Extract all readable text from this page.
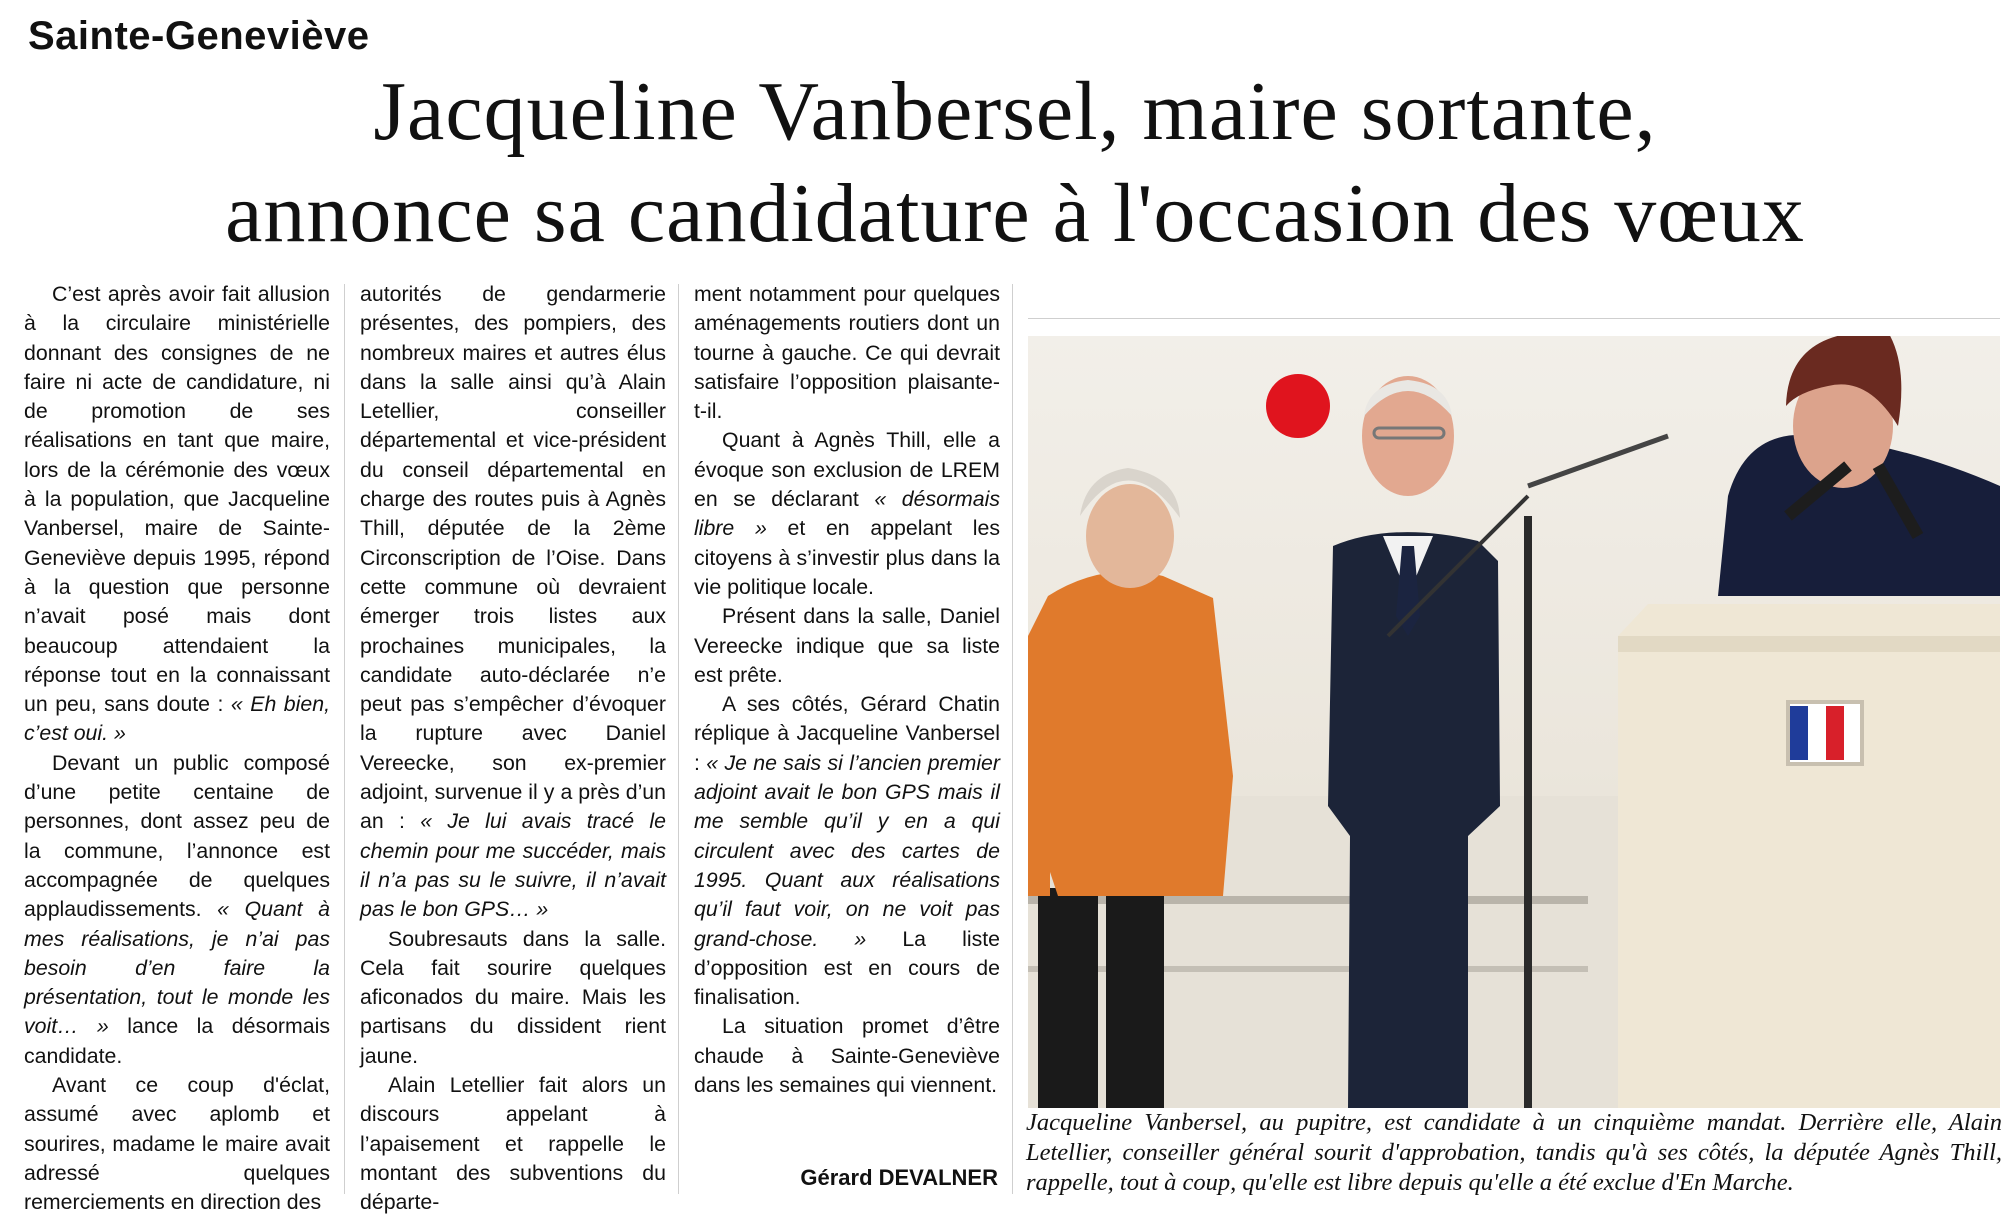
Sainte-Geneviève
Jacqueline Vanbersel, maire sortante,
annonce sa candidature à l'occasion des vœux

C’est après avoir fait allusion à la circulaire ministérielle donnant des consignes de ne faire ni acte de candidature, ni de promotion de ses réalisations en tant que maire, lors de la cérémonie des vœux à la population, que Jacqueline Vanbersel, maire de Sainte-Geneviève depuis 1995, répond à la question que personne n’avait posé mais dont beaucoup attendaient la réponse tout en la connaissant un peu, sans doute : « Eh bien, c’est oui. »

Devant un public composé d’une petite centaine de personnes, dont assez peu de la commune, l’annonce est accompagnée de quelques applaudissements. « Quant à mes réalisations, je n’ai pas besoin d’en faire la présentation, tout le monde les voit… » lance la désormais candidate.

Avant ce coup d'éclat, assumé avec aplomb et sourires, madame le maire avait adressé quelques remerciements en direction des

autorités de gendarmerie présentes, des pompiers, des nombreux maires et autres élus dans la salle ainsi qu’à Alain Letellier, conseiller départemental et vice-président du conseil départemental en charge des routes puis à Agnès Thill, députée de la 2ème Circonscription de l’Oise. Dans cette commune où devraient émerger trois listes aux prochaines municipales, la candidate auto-déclarée n’e peut pas s’empêcher d’évoquer la rupture avec Daniel Vereecke, son ex-premier adjoint, survenue il y a près d’un an : « Je lui avais tracé le chemin pour me succéder, mais il n’a pas su le suivre, il n’avait pas le bon GPS… »

Soubresauts dans la salle. Cela fait sourire quelques aficonados du maire. Mais les partisans du dissident rient jaune.

Alain Letellier fait alors un discours appelant à l’apaisement et rappelle le montant des subventions du départe-

ment notamment pour quelques aménagements routiers dont un tourne à gauche. Ce qui devrait satisfaire l’opposition plaisante-t-il.

Quant à Agnès Thill, elle a évoque son exclusion de LREM en se déclarant « désormais libre » et en appelant les citoyens à s’investir plus dans la vie politique locale.

Présent dans la salle, Daniel Vereecke indique que sa liste est prête.

A ses côtés, Gérard Chatin réplique à Jacqueline Vanbersel : « Je ne sais si l’ancien premier adjoint avait le bon GPS mais il me semble qu’il y en a qui circulent avec des cartes de 1995. Quant aux réalisations qu’il faut voir, on ne voit pas grand-chose. » La liste d’opposition est en cours de finalisation.

La situation promet d’être chaude à Sainte-Geneviève dans les semaines qui viennent.

Gérard DEVALNER
Jacqueline Vanbersel, au pupitre, est candidate à un cinquième mandat. Derrière elle, Alain Letellier, conseiller général sourit d'approbation, tandis qu'à ses côtés, la députée Agnès Thill, rappelle, tout à coup, qu'elle est libre depuis qu'elle a été exclue d'En Marche.
